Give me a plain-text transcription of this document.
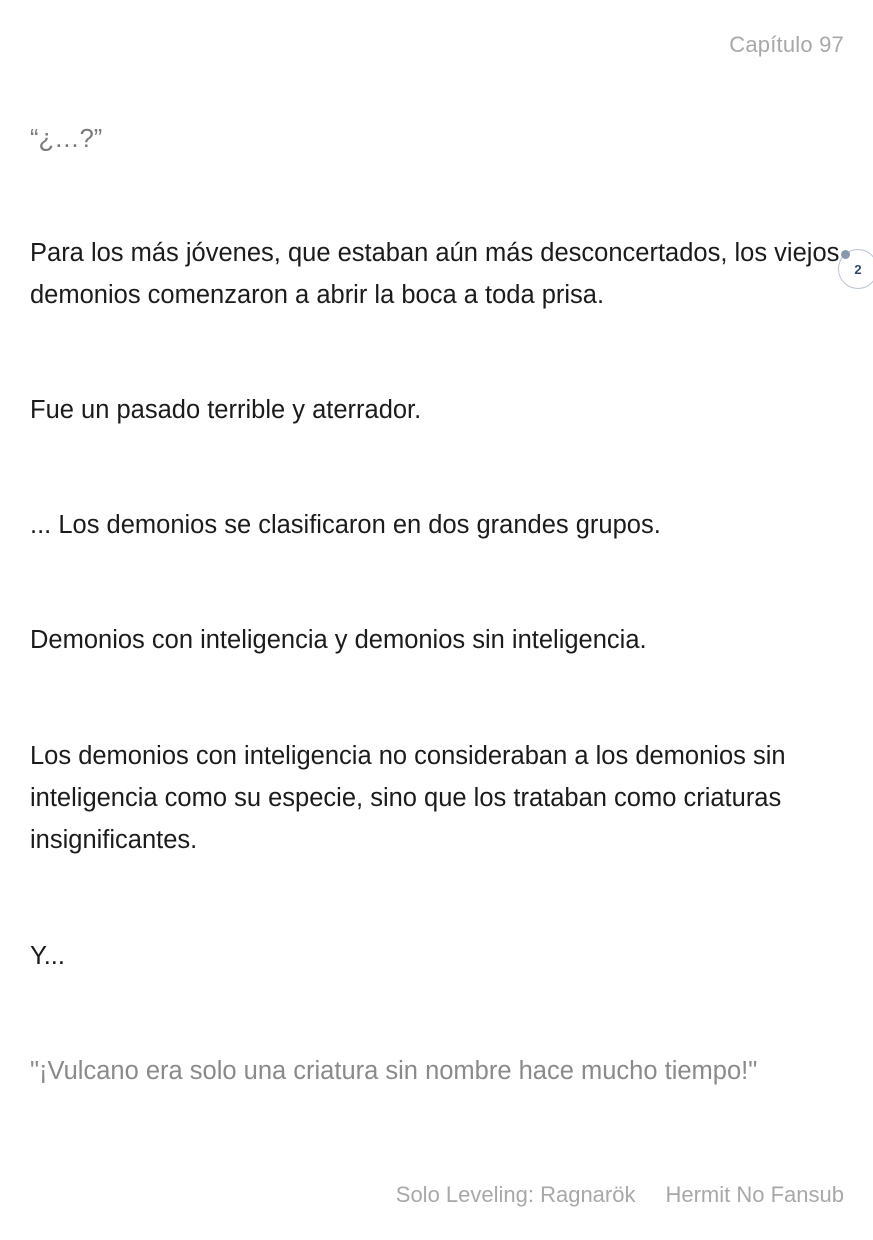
Capítulo 97

“¿…?”

Para los más jóvenes, que estaban aún más desconcertados, los viejos demonios comenzaron a abrir la boca a toda prisa.

Fue un pasado terrible y aterrador.

... Los demonios se clasificaron en dos grandes grupos.

Demonios con inteligencia y demonios sin inteligencia.

Los demonios con inteligencia no consideraban a los demonios sin inteligencia como su especie, sino que los trataban como criaturas insignificantes.

Y...

"¡Vulcano era solo una criatura sin nombre hace mucho tiempo!"

2
Solo Leveling: Ragnarök Hermit No Fansub
